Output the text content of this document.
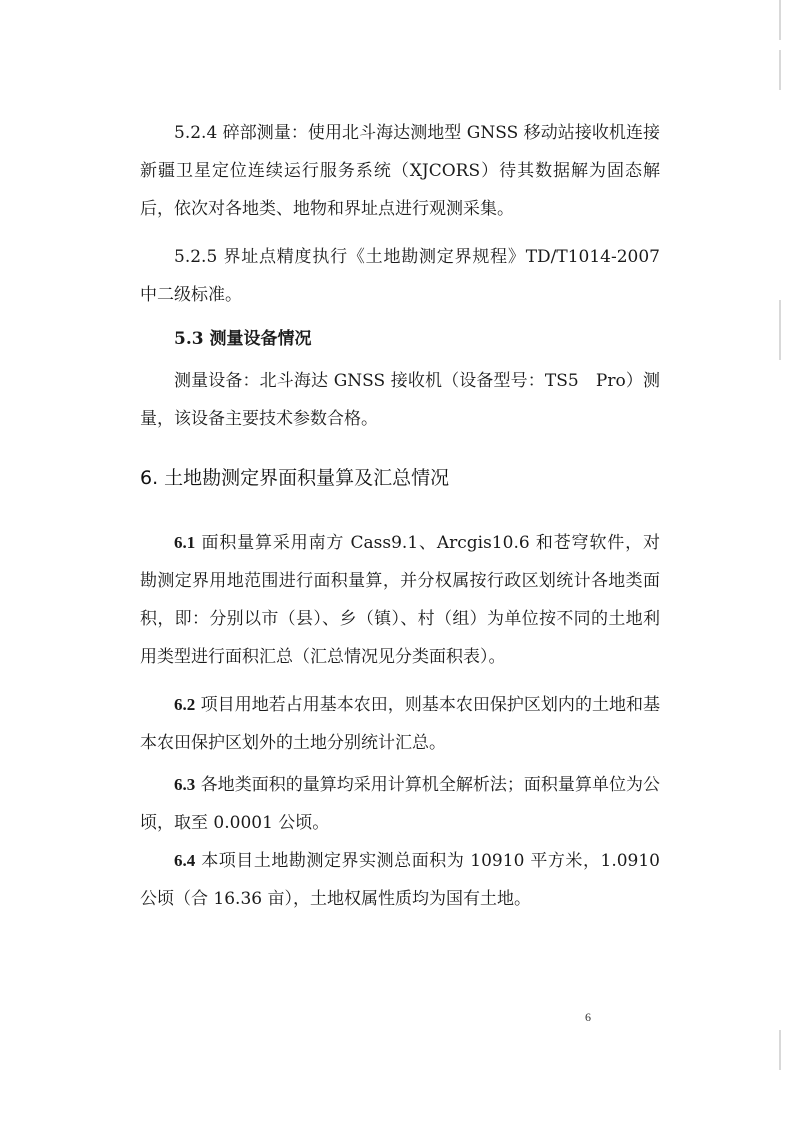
5.2.4 碎部测量：使用北斗海达测地型 GNSS 移动站接收机连接新疆卫星定位连续运行服务系统（XJCORS）待其数据解为固态解后，依次对各地类、地物和界址点进行观测采集。

5.2.5 界址点精度执行《土地勘测定界规程》TD/T1014-2007 中二级标准。

5.3 测量设备情况

测量设备：北斗海达 GNSS 接收机（设备型号：TS5　Pro）测量，该设备主要技术参数合格。

6. 土地勘测定界面积量算及汇总情况

6.1 面积量算采用南方 Cass9.1、Arcgis10.6 和苍穹软件，对勘测定界用地范围进行面积量算，并分权属按行政区划统计各地类面积，即：分别以市（县）、乡（镇）、村（组）为单位按不同的土地利用类型进行面积汇总（汇总情况见分类面积表）。

6.2 项目用地若占用基本农田，则基本农田保护区划内的土地和基本农田保护区划外的土地分别统计汇总。

6.3 各地类面积的量算均采用计算机全解析法；面积量算单位为公顷，取至 0.0001 公顷。

6.4 本项目土地勘测定界实测总面积为 10910 平方米，1.0910 公顷（合 16.36 亩），土地权属性质均为国有土地。

6
